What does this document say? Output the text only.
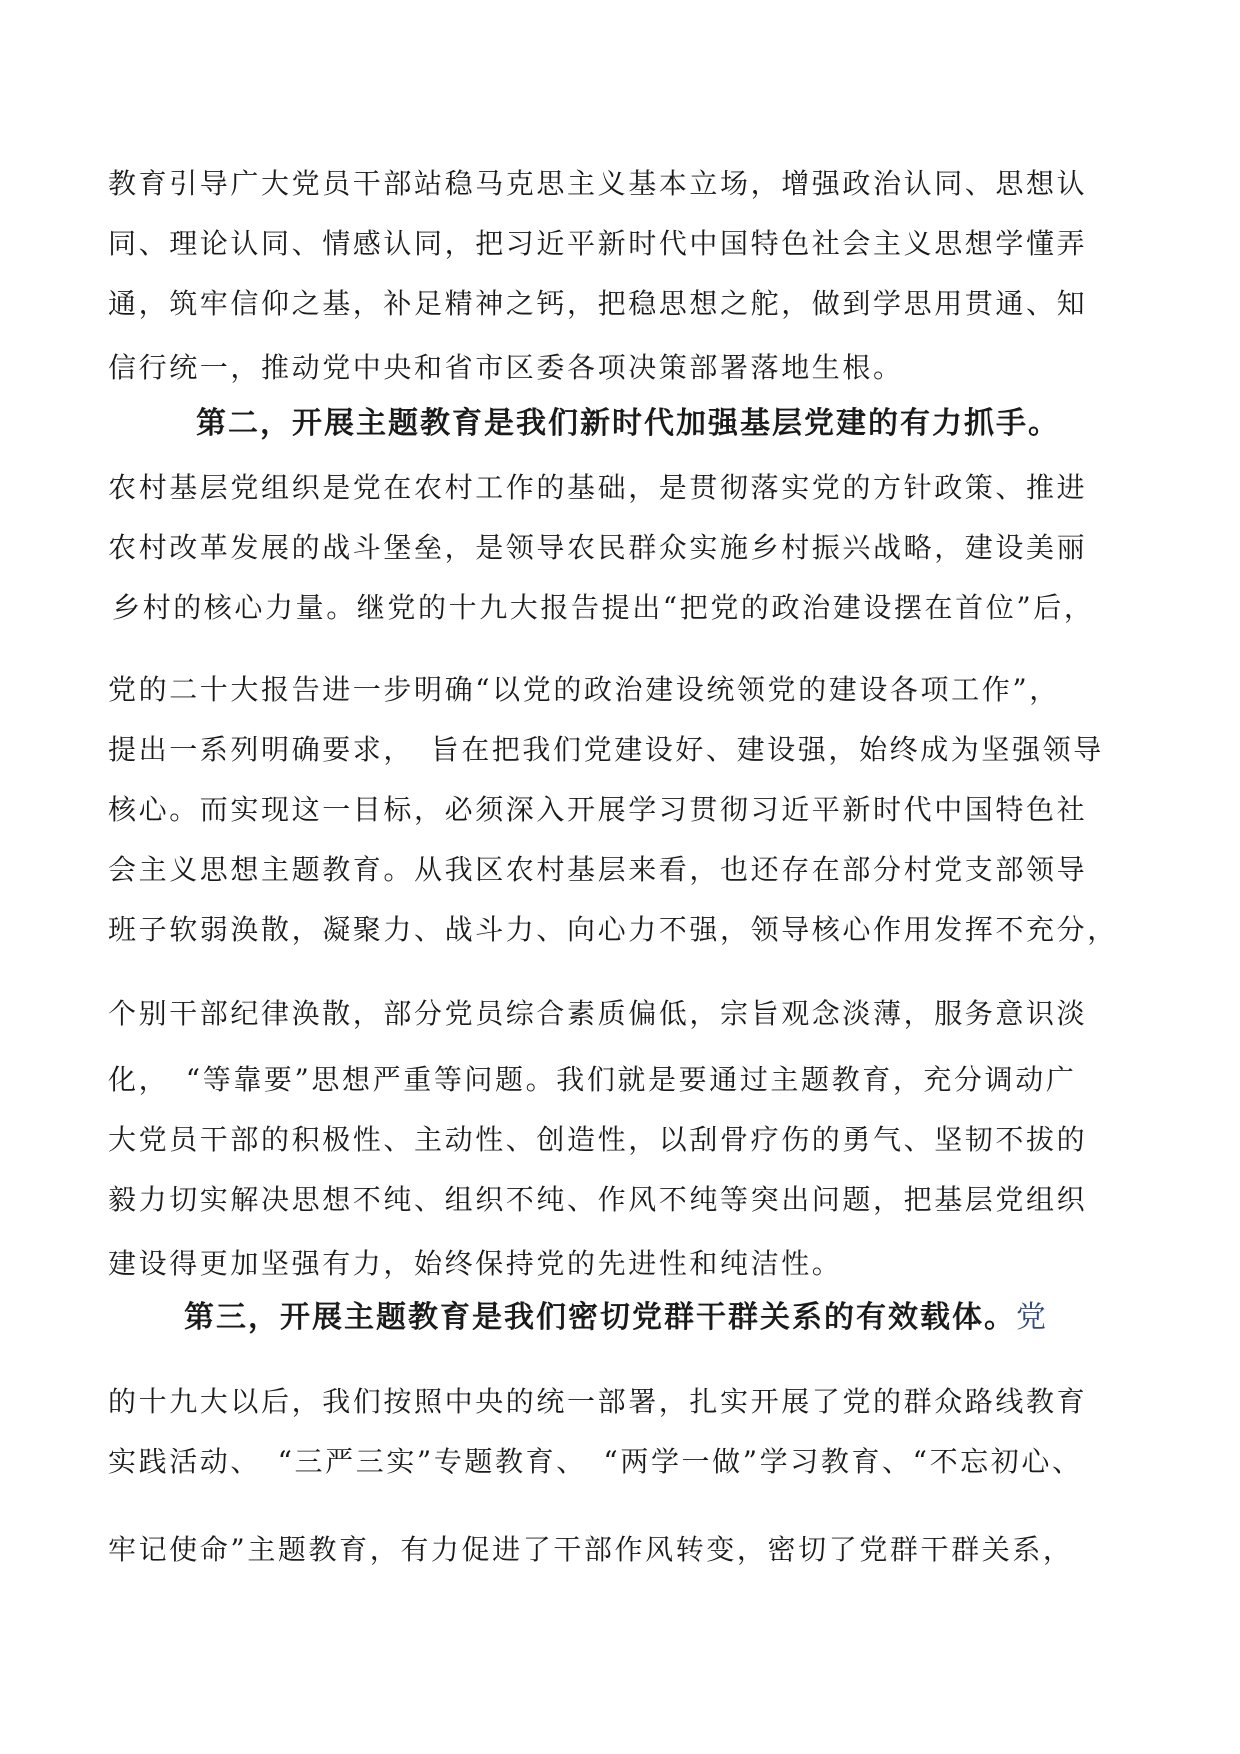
教育引导广大党员干部站稳马克思主义基本立场，增强政治认同、思想认
同、理论认同、情感认同，把习近平新时代中国特色社会主义思想学懂弄
通，筑牢信仰之基，补足精神之钙，把稳思想之舵，做到学思用贯通、知
信行统一，推动党中央和省市区委各项决策部署落地生根。
第二，开展主题教育是我们新时代加强基层党建的有力抓手。
农村基层党组织是党在农村工作的基础，是贯彻落实党的方针政策、推进
农村改革发展的战斗堡垒，是领导农民群众实施乡村振兴战略，建设美丽
乡村的核心力量。继党的十九大报告提出“把党的政治建设摆在首位”后，
党的二十大报告进一步明确“以党的政治建设统领党的建设各项工作”，
提出一系列明确要求，　旨在把我们党建设好、建设强，始终成为坚强领导
核心。而实现这一目标，必须深入开展学习贯彻习近平新时代中国特色社
会主义思想主题教育。从我区农村基层来看，也还存在部分村党支部领导
班子软弱涣散，凝聚力、战斗力、向心力不强，领导核心作用发挥不充分，
个别干部纪律涣散，部分党员综合素质偏低，宗旨观念淡薄，服务意识淡
化，　“等靠要”思想严重等问题。我们就是要通过主题教育，充分调动广
大党员干部的积极性、主动性、创造性，以刮骨疗伤的勇气、坚韧不拔的
毅力切实解决思想不纯、组织不纯、作风不纯等突出问题，把基层党组织
建设得更加坚强有力，始终保持党的先进性和纯洁性。
第三，开展主题教育是我们密切党群干群关系的有效载体。党
的十九大以后，我们按照中央的统一部署，扎实开展了党的群众路线教育
实践活动、　“三严三实”专题教育、　“两学一做”学习教育、“不忘初心、
牢记使命”主题教育，有力促进了干部作风转变，密切了党群干群关系，
